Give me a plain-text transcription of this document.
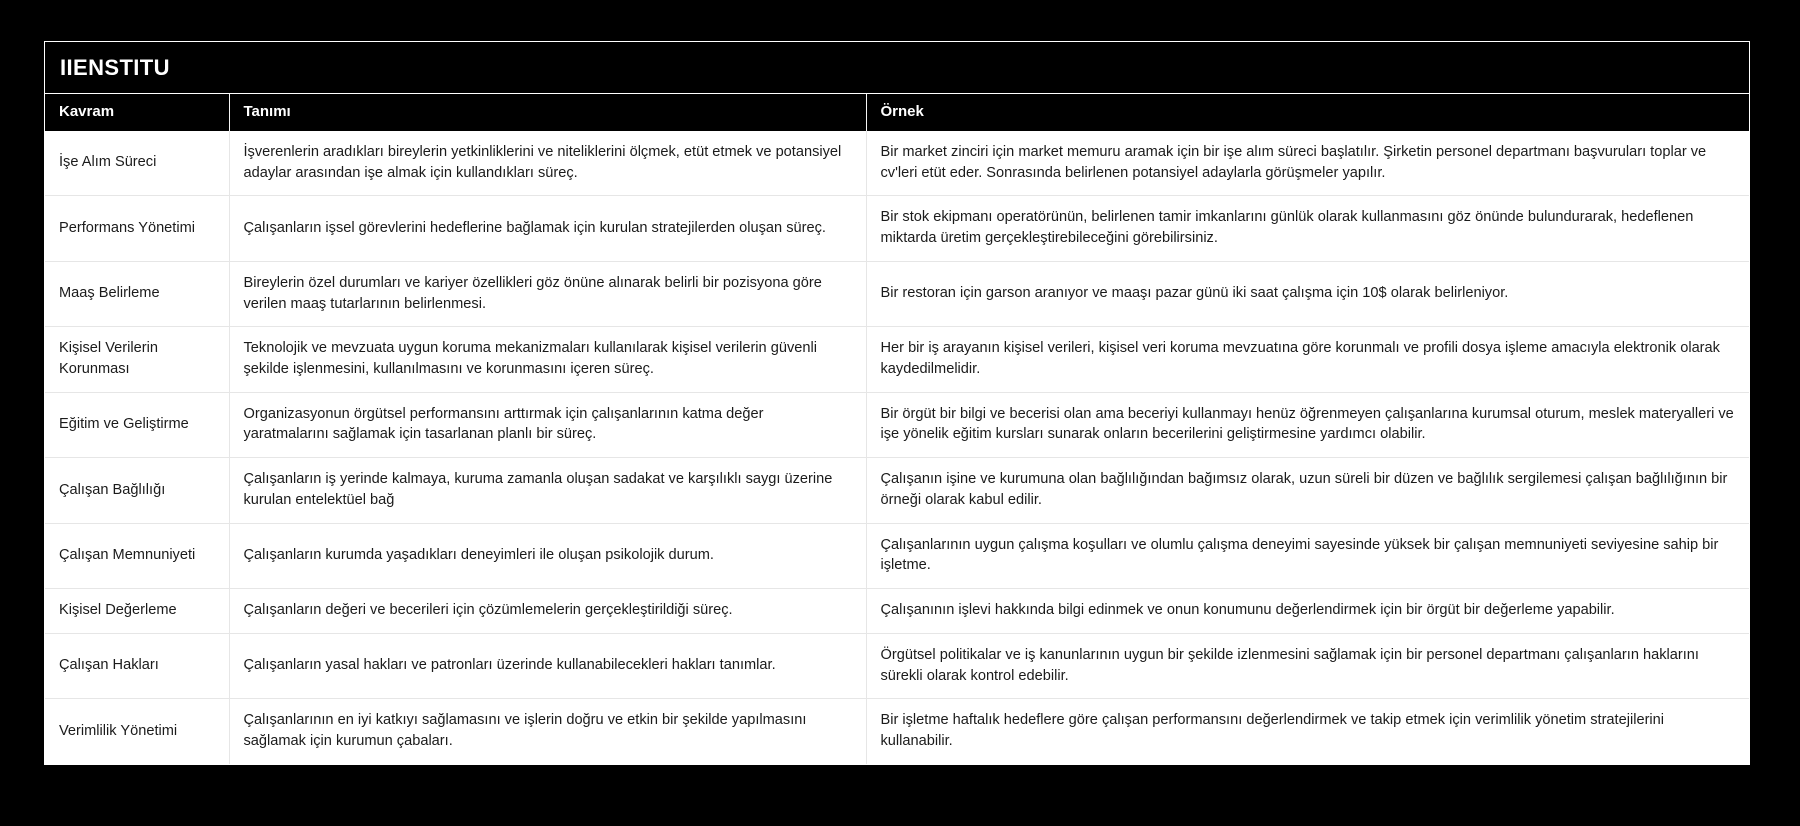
IIENSTITU
Kavram	Tanımı	Örnek
İşe Alım Süreci	İşverenlerin aradıkları bireylerin yetkinliklerini ve niteliklerini ölçmek, etüt etmek ve potansiyel adaylar arasından işe almak için kullandıkları süreç.	Bir market zinciri için market memuru aramak için bir işe alım süreci başlatılır. Şirketin personel departmanı başvuruları toplar ve cv'leri etüt eder. Sonrasında belirlenen potansiyel adaylarla görüşmeler yapılır.
Performans Yönetimi	Çalışanların işsel görevlerini hedeflerine bağlamak için kurulan stratejilerden oluşan süreç.	Bir stok ekipmanı operatörünün, belirlenen tamir imkanlarını günlük olarak kullanmasını göz önünde bulundurarak, hedeflenen miktarda üretim gerçekleştirebileceğini görebilirsiniz.
Maaş Belirleme	Bireylerin özel durumları ve kariyer özellikleri göz önüne alınarak belirli bir pozisyona göre verilen maaş tutarlarının belirlenmesi.	Bir restoran için garson aranıyor ve maaşı pazar günü iki saat çalışma için 10$ olarak belirleniyor.
Kişisel Verilerin Korunması	Teknolojik ve mevzuata uygun koruma mekanizmaları kullanılarak kişisel verilerin güvenli şekilde işlenmesini, kullanılmasını ve korunmasını içeren süreç.	Her bir iş arayanın kişisel verileri, kişisel veri koruma mevzuatına göre korunmalı ve profili dosya işleme amacıyla elektronik olarak kaydedilmelidir.
Eğitim ve Geliştirme	Organizasyonun örgütsel performansını arttırmak için çalışanlarının katma değer yaratmalarını sağlamak için tasarlanan planlı bir süreç.	Bir örgüt bir bilgi ve becerisi olan ama beceriyi kullanmayı henüz öğrenmeyen çalışanlarına kurumsal oturum, meslek materyalleri ve işe yönelik eğitim kursları sunarak onların becerilerini geliştirmesine yardımcı olabilir.
Çalışan Bağlılığı	Çalışanların iş yerinde kalmaya, kuruma zamanla oluşan sadakat ve karşılıklı saygı üzerine kurulan entelektüel bağ	Çalışanın işine ve kurumuna olan bağlılığından bağımsız olarak, uzun süreli bir düzen ve bağlılık sergilemesi çalışan bağlılığının bir örneği olarak kabul edilir.
Çalışan Memnuniyeti	Çalışanların kurumda yaşadıkları deneyimleri ile oluşan psikolojik durum.	Çalışanlarının uygun çalışma koşulları ve olumlu çalışma deneyimi sayesinde yüksek bir çalışan memnuniyeti seviyesine sahip bir işletme.
Kişisel Değerleme	Çalışanların değeri ve becerileri için çözümlemelerin gerçekleştirildiği süreç.	Çalışanının işlevi hakkında bilgi edinmek ve onun konumunu değerlendirmek için bir örgüt bir değerleme yapabilir.
Çalışan Hakları	Çalışanların yasal hakları ve patronları üzerinde kullanabilecekleri hakları tanımlar.	Örgütsel politikalar ve iş kanunlarının uygun bir şekilde izlenmesini sağlamak için bir personel departmanı çalışanların haklarını sürekli olarak kontrol edebilir.
Verimlilik Yönetimi	Çalışanlarının en iyi katkıyı sağlamasını ve işlerin doğru ve etkin bir şekilde yapılmasını sağlamak için kurumun çabaları.	Bir işletme haftalık hedeflere göre çalışan performansını değerlendirmek ve takip etmek için verimlilik yönetim stratejilerini kullanabilir.
